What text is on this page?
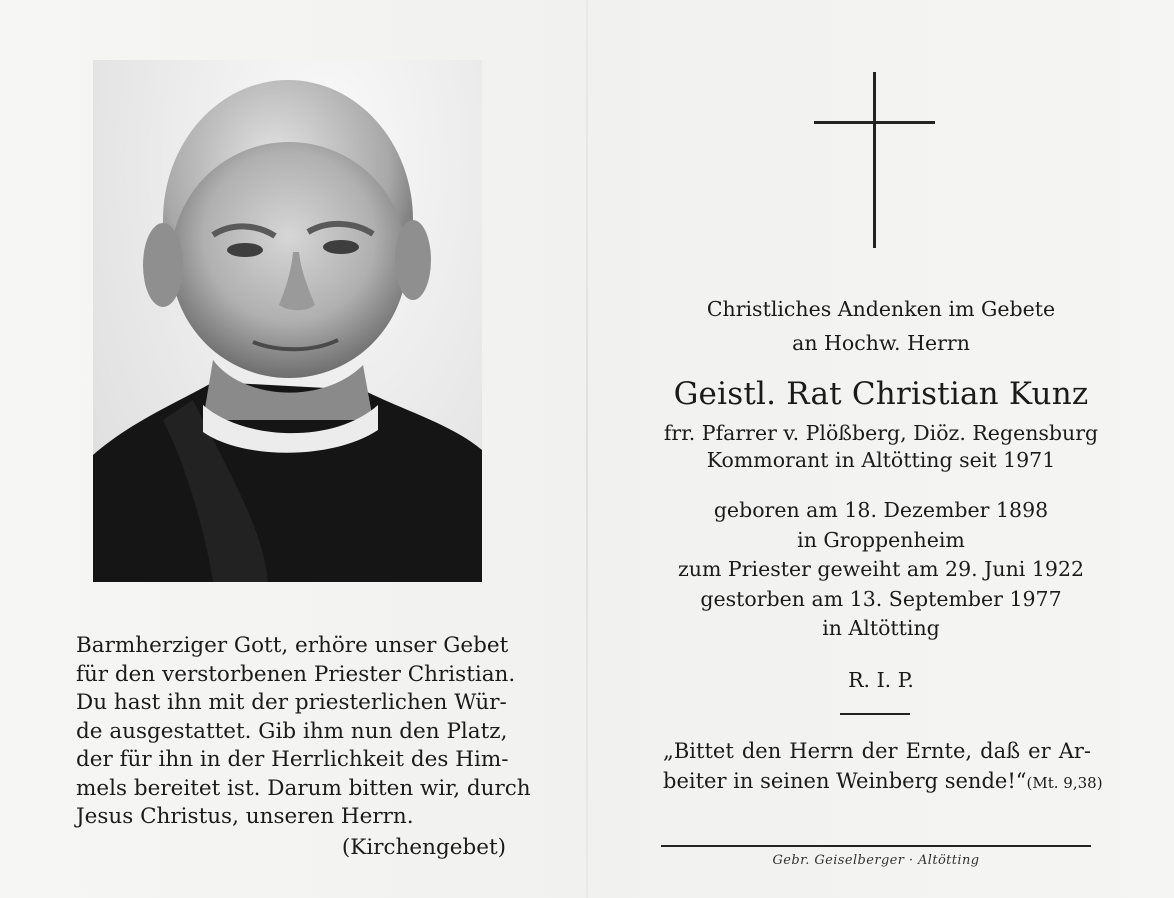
Barmherziger Gott, erhöre unser Gebet
für den verstorbenen Priester Christian.
Du hast ihn mit der priesterlichen Wür-
de ausgestattet. Gib ihm nun den Platz,
der für ihn in der Herrlichkeit des Him-
mels bereitet ist. Darum bitten wir, durch
Jesus Christus, unseren Herrn.
(Kirchengebet)
Christliches Andenken im Gebete
an Hochw. Herrn
Geistl. Rat Christian Kunz
frr. Pfarrer v. Plößberg, Diöz. Regensburg
Kommorant in Altötting seit 1971
geboren am 18. Dezember 1898
in Groppenheim
zum Priester geweiht am 29. Juni 1922
gestorben am 13. September 1977
in Altötting
R. I. P.
„Bittet den Herrn der Ernte, daß er Ar-
beiter in seinen Weinberg sende!“(Mt. 9,38)
Gebr. Geiselberger · Altötting
